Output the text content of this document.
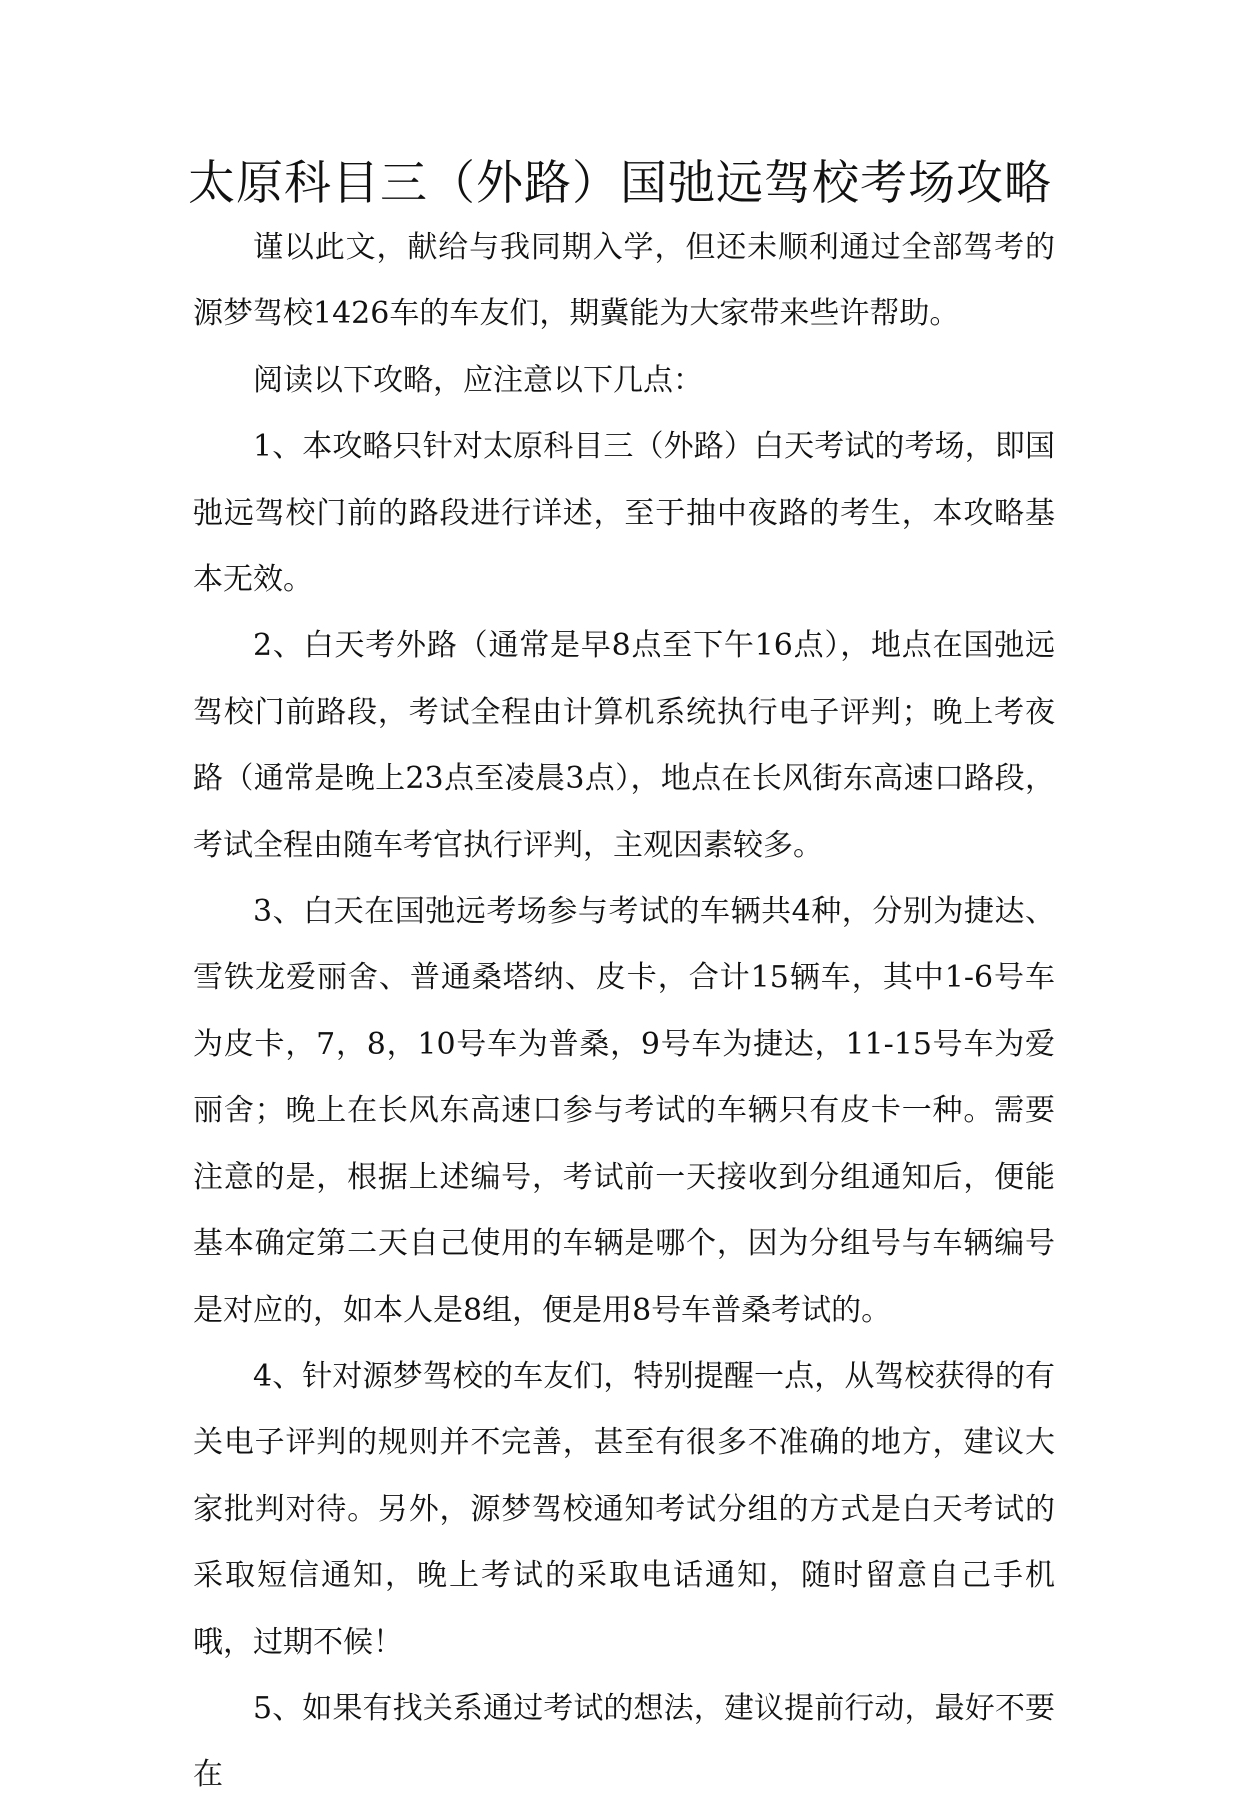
太原科目三（外路）国弛远驾校考场攻略

谨以此文，献给与我同期入学，但还未顺利通过全部驾考的源梦驾校1426车的车友们，期冀能为大家带来些许帮助。

阅读以下攻略，应注意以下几点：

1、本攻略只针对太原科目三（外路）白天考试的考场，即国弛远驾校门前的路段进行详述，至于抽中夜路的考生，本攻略基本无效。

2、白天考外路（通常是早8点至下午16点），地点在国弛远驾校门前路段，考试全程由计算机系统执行电子评判；晚上考夜路（通常是晚上23点至凌晨3点），地点在长风街东高速口路段，考试全程由随车考官执行评判，主观因素较多。

3、白天在国弛远考场参与考试的车辆共4种，分别为捷达、雪铁龙爱丽舍、普通桑塔纳、皮卡，合计15辆车，其中1-6号车为皮卡，7，8，10号车为普桑，9号车为捷达，11-15号车为爱丽舍；晚上在长风东高速口参与考试的车辆只有皮卡一种。需要注意的是，根据上述编号，考试前一天接收到分组通知后，便能基本确定第二天自己使用的车辆是哪个，因为分组号与车辆编号是对应的，如本人是8组，便是用8号车普桑考试的。

4、针对源梦驾校的车友们，特别提醒一点，从驾校获得的有关电子评判的规则并不完善，甚至有很多不准确的地方，建议大家批判对待。另外，源梦驾校通知考试分组的方式是白天考试的采取短信通知，晚上考试的采取电话通知，随时留意自己手机哦，过期不候！

5、如果有找关系通过考试的想法，建议提前行动，最好不要在
